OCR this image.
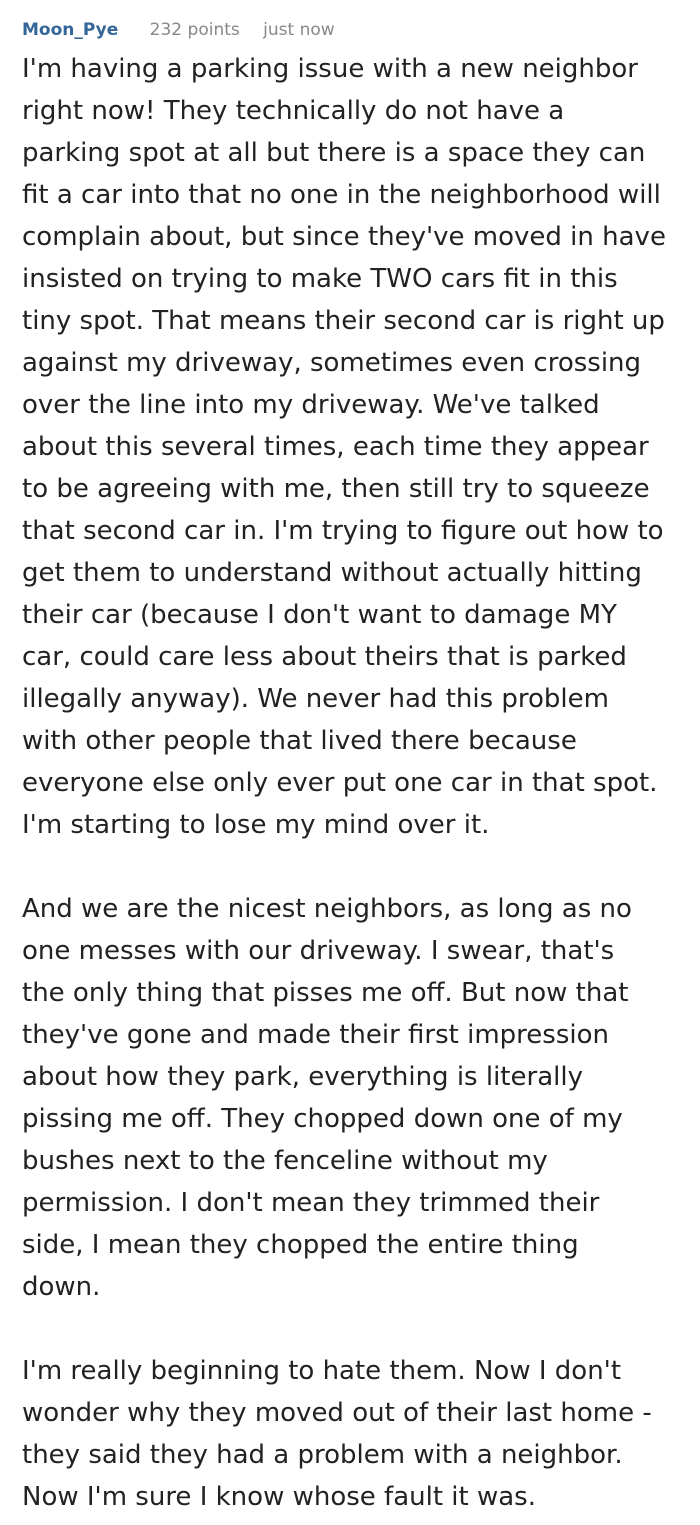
Moon_Pye 232 points just now

I'm having a parking issue with a new neighbor
right now! They technically do not have a
parking spot at all but there is a space they can
fit a car into that no one in the neighborhood will
complain about, but since they've moved in have
insisted on trying to make TWO cars fit in this
tiny spot. That means their second car is right up
against my driveway, sometimes even crossing
over the line into my driveway. We've talked
about this several times, each time they appear
to be agreeing with me, then still try to squeeze
that second car in. I'm trying to figure out how to
get them to understand without actually hitting
their car (because I don't want to damage MY
car, could care less about theirs that is parked
illegally anyway). We never had this problem
with other people that lived there because
everyone else only ever put one car in that spot.
I'm starting to lose my mind over it.

And we are the nicest neighbors, as long as no
one messes with our driveway. I swear, that's
the only thing that pisses me off. But now that
they've gone and made their first impression
about how they park, everything is literally
pissing me off. They chopped down one of my
bushes next to the fenceline without my
permission. I don't mean they trimmed their
side, I mean they chopped the entire thing
down.

I'm really beginning to hate them. Now I don't
wonder why they moved out of their last home -
they said they had a problem with a neighbor.
Now I'm sure I know whose fault it was.
